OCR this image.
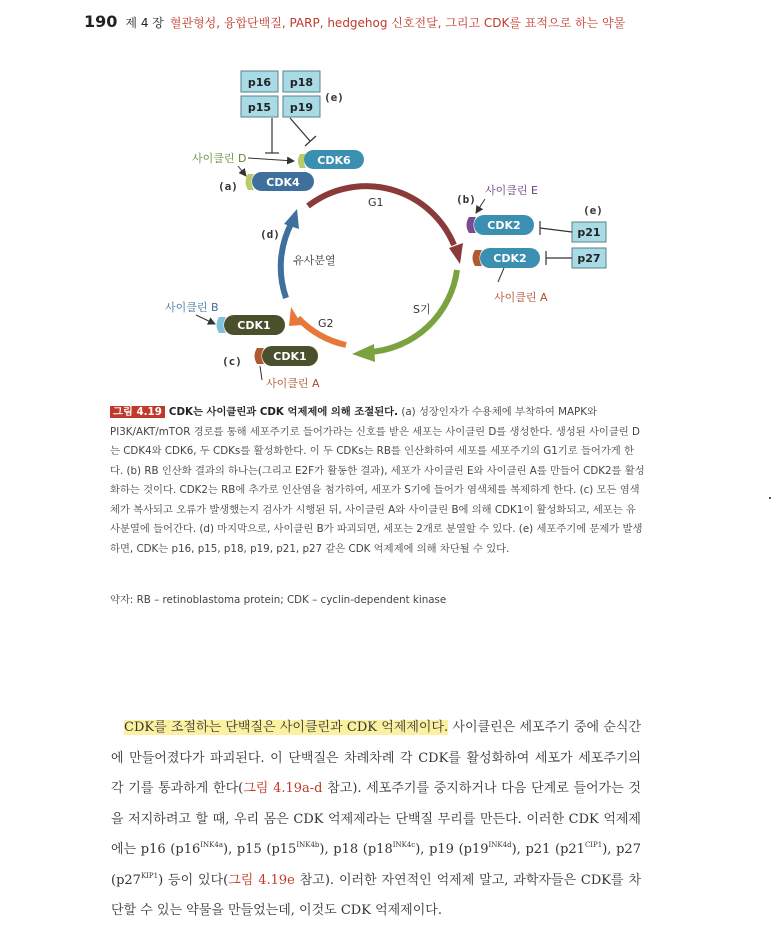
190 제 4 장 혈관형성, 융합단백질, PARP, hedgehog 신호전달, 그리고 CDK를 표적으로 하는 약물
p16 p18
p15 p19
(e)
사이클린 D	CDK6
(a)	CDK4
G1
S기
G2
유사분열
(d)
(b)
사이클린 E
CDK2
CDK2
사이클린 A
(e)
p21
p27
사이클린 B
CDK1
(c)	CDK1
사이클린 A
그림 4.19 CDK는 사이클린과 CDK 억제제에 의해 조절된다. (a) 성장인자가 수용체에 부착하여 MAPK와 PI3K/AKT/mTOR 경로를 통해 세포주기로 들어가라는 신호를 받은 세포는 사이클린 D를 생성한다. 생성된 사이클린 D는 CDK4와 CDK6, 두 CDKs를 활성화한다. 이 두 CDKs는 RB를 인산화하여 세포를 세포주기의 G1기로 들어가게 한다. (b) RB 인산화 결과의 하나는(그리고 E2F가 활동한 결과), 세포가 사이클린 E와 사이클린 A를 만들어 CDK2를 활성화하는 것이다. CDK2는 RB에 추가로 인산염을 첨가하여, 세포가 S기에 들어가 염색체를 복제하게 한다. (c) 모든 염색체가 복사되고 오류가 발생했는지 검사가 시행된 뒤, 사이클린 A와 사이클린 B에 의해 CDK1이 활성화되고, 세포는 유사분열에 들어간다. (d) 마지막으로, 사이클린 B가 파괴되면, 세포는 2개로 분열할 수 있다. (e) 세포주기에 문제가 발생하면, CDK는 p16, p15, p18, p19, p21, p27 같은 CDK 억제제에 의해 차단될 수 있다.
약자: RB – retinoblastoma protein; CDK – cyclin-dependent kinase
CDK를 조절하는 단백질은 사이클린과 CDK 억제제이다. 사이클린은 세포주기 중에 순식간에 만들어졌다가 파괴된다. 이 단백질은 차례차례 각 CDK를 활성화하여 세포가 세포주기의 각 기를 통과하게 한다(그림 4.19a-d 참고). 세포주기를 중지하거나 다음 단계로 들어가는 것을 저지하려고 할 때, 우리 몸은 CDK 억제제라는 단백질 무리를 만든다. 이러한 CDK 억제제에는 p16 $(p16^{INK4a})$, p15 $(p15^{INK4b})$, p18 $(p18^{INK4c})$, p19 $(p19^{INK4d})$, p21 $(p21^{CIP1})$, p27 $(p27^{KIP1})$ 등이 있다(그림 4.19e 참고). 이러한 자연적인 억제제 말고, 과학자들은 CDK를 차단할 수 있는 약물을 만들었는데, 이것도 CDK 억제제이다.
